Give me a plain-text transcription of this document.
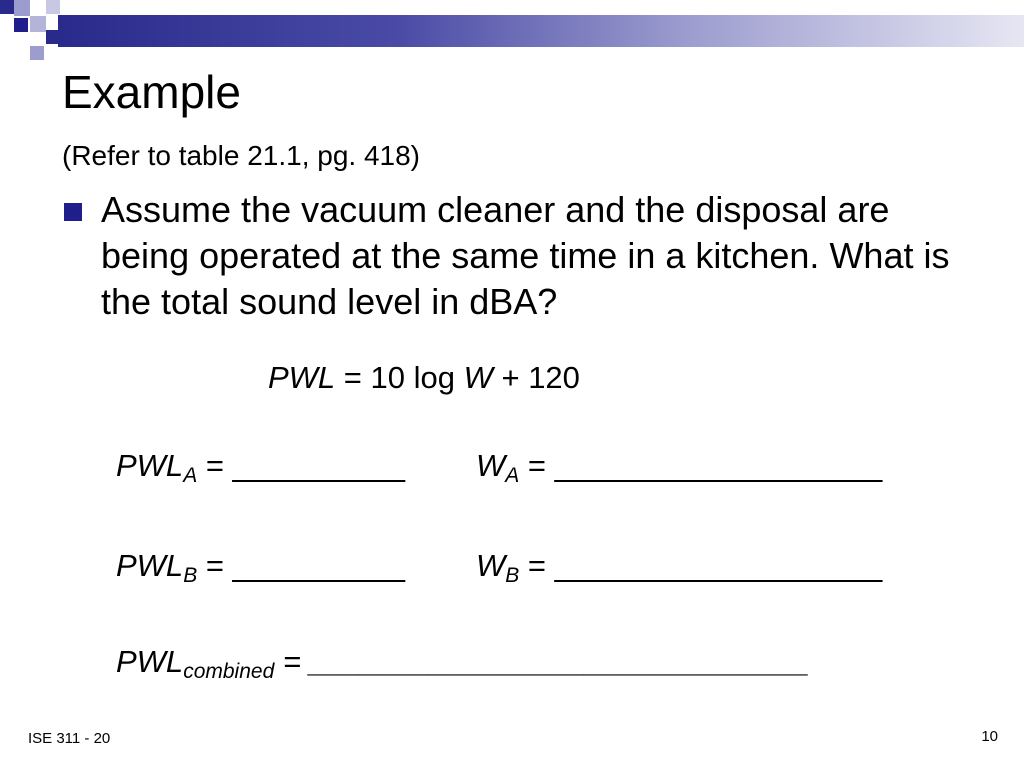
Example
(Refer to table 21.1, pg. 418)
Assume the vacuum cleaner and the disposal are being operated at the same time in a kitchen. What is the total sound level in dBA?
PWL = 10 log W + 120
$PWL_A$ = __________ $W_A$ = ___________________
$PWL_B$ = __________ $W_B$ = ___________________
$PWL_{combined}$ = _____________________________
ISE 311 - 20	10
